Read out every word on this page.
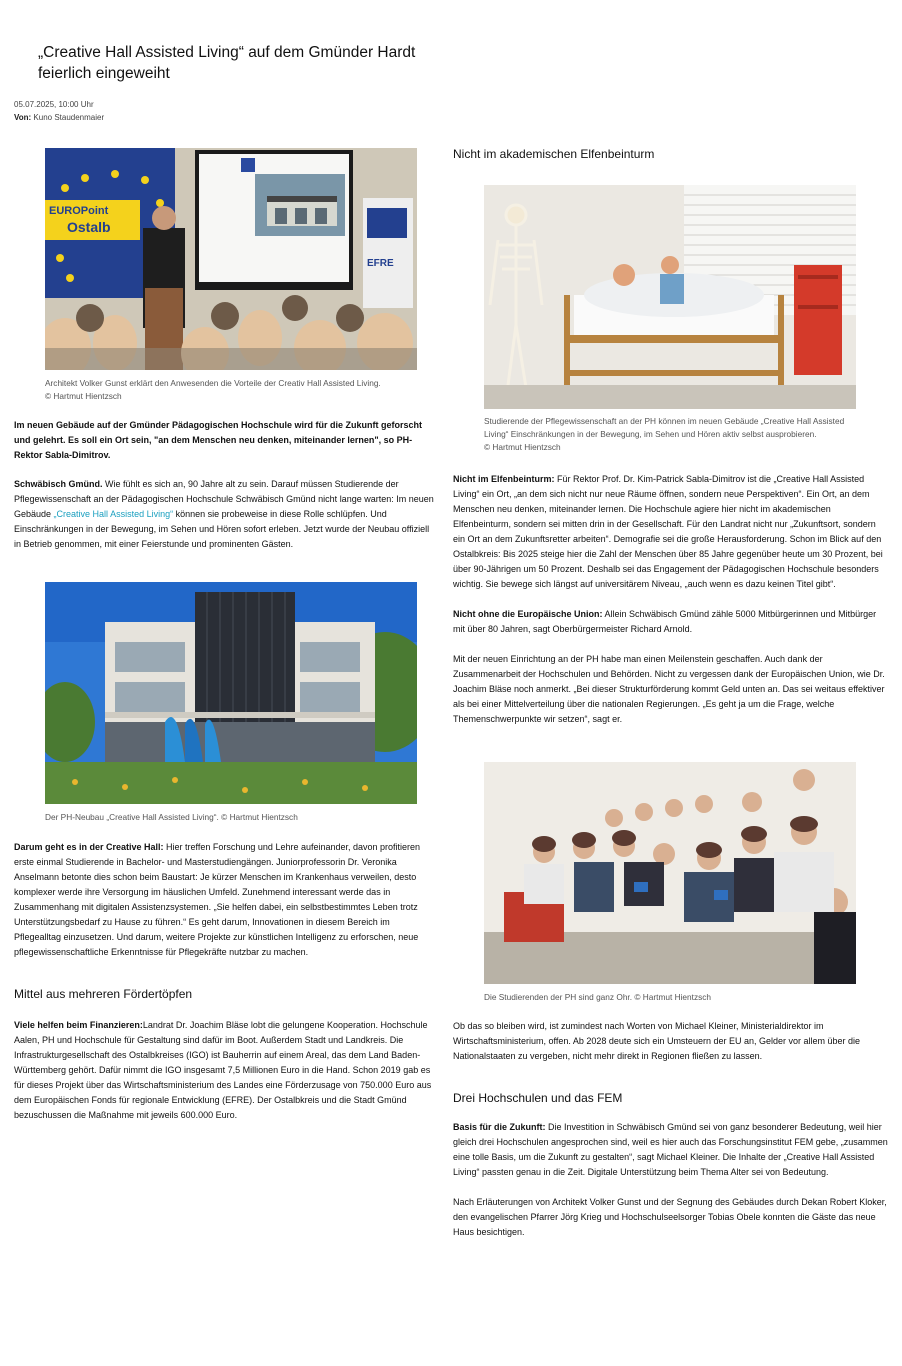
„Creative Hall Assisted Living“ auf dem Gmünder Hardt feierlich eingeweiht
05.07.2025, 10:00 Uhr
Von: Kuno Staudenmaier
EUROPoint
Ostalb
EFRE

Architekt Volker Gunst erklärt den Anwesenden die Vorteile der Creativ Hall Assisted Living.

© Hartmut Hientzsch

Im neuen Gebäude auf der Gmünder Pädagogischen Hochschule wird für die Zukunft geforscht und gelehrt. Es soll ein Ort sein, "an dem Menschen neu denken, miteinander lernen", so PH-Rektor Sabla-Dimitrov.

Schwäbisch Gmünd. Wie fühlt es sich an, 90 Jahre alt zu sein. Darauf müssen Studierende der Pflegewissenschaft an der Pädagogischen Hochschule Schwäbisch Gmünd nicht lange warten: Im neuen Gebäude „Creative Hall Assisted Living“ können sie probeweise in diese Rolle schlüpfen. Und Einschränkungen in der Bewegung, im Sehen und Hören sofort erleben. Jetzt wurde der Neubau offiziell in Betrieb genommen, mit einer Feierstunde und prominenten Gästen.

Der PH-Neubau „Creative Hall Assisted Living“. © Hartmut Hientzsch

Darum geht es in der Creative Hall: Hier treffen Forschung und Lehre aufeinander, davon profitieren erste einmal Studierende in Bachelor- und Masterstudiengängen. Juniorprofessorin Dr. Veronika Anselmann betonte dies schon beim Baustart: Je kürzer Menschen im Krankenhaus verweilen, desto komplexer werde ihre Versorgung im häuslichen Umfeld. Zunehmend interessant werde das in Zusammenhang mit digitalen Assistenzsystemen. „Sie helfen dabei, ein selbstbestimmtes Leben trotz Unterstützungsbedarf zu Hause zu führen.“ Es geht darum, Innovationen in diesem Bereich im Pflegealltag einzusetzen. Und darum, weitere Projekte zur künstlichen Intelligenz zu erforschen, neue pflegewissenschaftliche Erkenntnisse für Pflegekräfte nutzbar zu machen.

Mittel aus mehreren Fördertöpfen

Viele helfen beim Finanzieren:Landrat Dr. Joachim Bläse lobt die gelungene Kooperation. Hochschule Aalen, PH und Hochschule für Gestaltung sind dafür im Boot. Außerdem Stadt und Landkreis. Die Infrastrukturgesellschaft des Ostalbkreises (IGO) ist Bauherrin auf einem Areal, das dem Land Baden-Württemberg gehört. Dafür nimmt die IGO insgesamt 7,5 Millionen Euro in die Hand. Schon 2019 gab es für dieses Projekt über das Wirtschaftsministerium des Landes eine Förderzusage von 750.000 Euro aus dem Europäischen Fonds für regionale Entwicklung (EFRE). Der Ostalbkreis und die Stadt Gmünd bezuschussen die Maßnahme mit jeweils 600.000 Euro.

Nicht im akademischen Elfenbeinturm

Studierende der Pflegewissenschaft an der PH können im neuen Gebäude „Creative Hall Assisted Living“ Einschränkungen in der Bewegung, im Sehen und Hören aktiv selbst ausprobieren.

© Hartmut Hientzsch

Nicht im Elfenbeinturm: Für Rektor Prof. Dr. Kim-Patrick Sabla-Dimitrov ist die „Creative Hall Assisted Living“ ein Ort, „an dem sich nicht nur neue Räume öffnen, sondern neue Perspektiven“. Ein Ort, an dem Menschen neu denken, miteinander lernen. Die Hochschule agiere hier nicht im akademischen Elfenbeinturm, sondern sei mitten drin in der Gesellschaft. Für den Landrat nicht nur „Zukunftsort, sondern ein Ort an dem Zukunftsretter arbeiten“. Demografie sei die große Herausforderung. Schon im Blick auf den Ostalbkreis: Bis 2025 steige hier die Zahl der Menschen über 85 Jahre gegenüber heute um 30 Prozent, bei über 90-Jährigen um 50 Prozent. Deshalb sei das Engagement der Pädagogischen Hochschule besonders wichtig. Sie bewege sich längst auf universitärem Niveau, „auch wenn es dazu keinen Titel gibt“.

Nicht ohne die Europäische Union: Allein Schwäbisch Gmünd zähle 5000 Mitbürgerinnen und Mitbürger mit über 80 Jahren, sagt Oberbürgermeister Richard Arnold.

Mit der neuen Einrichtung an der PH habe man einen Meilenstein geschaffen. Auch dank der Zusammenarbeit der Hochschulen und Behörden. Nicht zu vergessen dank der Europäischen Union, wie Dr. Joachim Bläse noch anmerkt. „Bei dieser Strukturförderung kommt Geld unten an. Das sei weitaus effektiver als bei einer Mittelverteilung über die nationalen Regierungen. „Es geht ja um die Frage, welche Themenschwerpunkte wir setzen“, sagt er.

Die Studierenden der PH sind ganz Ohr. © Hartmut Hientzsch

Ob das so bleiben wird, ist zumindest nach Worten von Michael Kleiner, Ministerialdirektor im Wirtschaftsministerium, offen. Ab 2028 deute sich ein Umsteuern der EU an, Gelder vor allem über die Nationalstaaten zu vergeben, nicht mehr direkt in Regionen fließen zu lassen.

Drei Hochschulen und das FEM

Basis für die Zukunft: Die Investition in Schwäbisch Gmünd sei von ganz besonderer Bedeutung, weil hier gleich drei Hochschulen angesprochen sind, weil es hier auch das Forschungsinstitut FEM gebe, „zusammen eine tolle Basis, um die Zukunft zu gestalten“, sagt Michael Kleiner. Die Inhalte der „Creative Hall Assisted Living“ passten genau in die Zeit. Digitale Unterstützung beim Thema Alter sei von Bedeutung.

Nach Erläuterungen von Architekt Volker Gunst und der Segnung des Gebäudes durch Dekan Robert Kloker, den evangelischen Pfarrer Jörg Krieg und Hochschulseelsorger Tobias Obele konnten die Gäste das neue Haus besichtigen.
